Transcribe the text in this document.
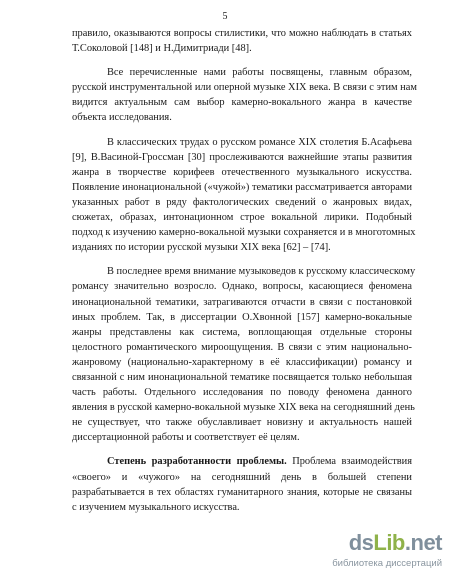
5
правило, оказываются вопросы стилистики, что можно наблюдать в статьях
Т.Соколовой [148] и Н.Димитриади [48].
Все перечисленные нами работы посвящены, главным образом,
русской инструментальной или оперной музыке XIX века. В связи с этим нам
видится актуальным сам выбор камерно-вокального жанра в качестве
объекта исследования.
В классических трудах о русском романсе XIX столетия Б.Асафьева
[9], В.Васиной-Гроссман [30] прослеживаются важнейшие этапы развития
жанра в творчестве корифеев отечественного музыкального искусства.
Появление инонациональной («чужой») тематики рассматривается авторами
указанных работ в ряду фактологических сведений о жанровых видах,
сюжетах, образах, интонационном строе вокальной лирики. Подобный
подход к изучению камерно-вокальной музыки сохраняется и в многотомных
изданиях по истории русской музыки XIX века [62] – [74].
В последнее время внимание музыковедов к русскому классическому
романсу значительно возросло. Однако, вопросы, касающиеся феномена
инонациональной тематики, затрагиваются отчасти в связи с постановкой
иных проблем. Так, в диссертации О.Хвонной [157] камерно-вокальные
жанры представлены как система, воплощающая отдельные стороны
целостного романтического мироощущения. В связи с этим национально-
жанровому (национально-характерному в её классификации) романсу и
связанной с ним инонациональной тематике посвящается только небольшая
часть работы. Отдельного исследования по поводу феномена данного
явления в русской камерно-вокальной музыке XIX века на сегодняшний день
не существует, что также обуславливает новизну и актуальность нашей
диссертационной работы и соответствует её целям.
Степень разработанности проблемы. Проблема взаимодействия
«своего» и «чужого» на сегодняшний день в большей степени
разрабатывается в тех областях гуманитарного знания, которые не связаны
с изучением музыкального искусства.
dsLib.net
библиотека диссертаций
